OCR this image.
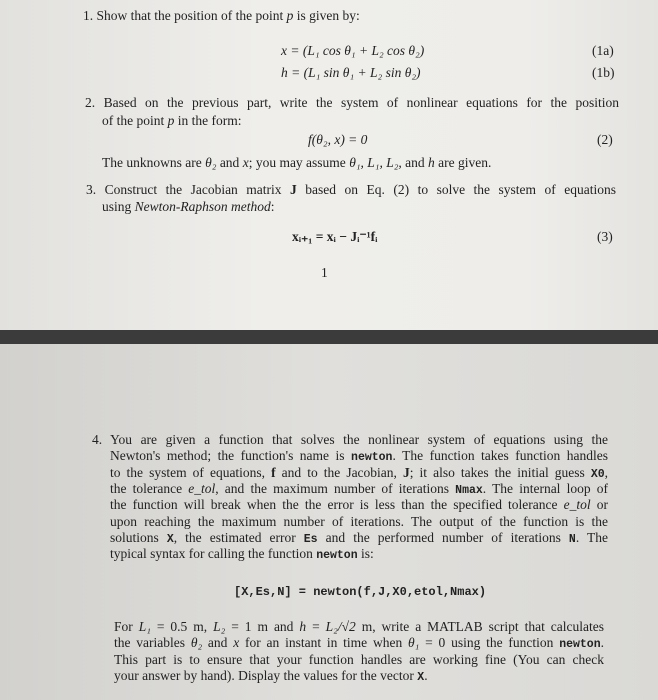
1. Show that the position of the point p is given by:
x = (L₁ cos θ₁ + L₂ cos θ₂)	(1a)
h = (L₁ sin θ₁ + L₂ sin θ₂)	(1b)
2. Based on the previous part, write the system of nonlinear equations for the position
of the point p in the form:
f(θ₂, x) = 0	(2)
The unknowns are θ₂ and x; you may assume θ₁, L₁, L₂, and h are given.
3. Construct the Jacobian matrix J based on Eq. (2) to solve the system of equations
using Newton-Raphson method:
xᵢ₊₁ = xᵢ − Jᵢ⁻¹fᵢ	(3)
1
4. You are given a function that solves the nonlinear system of equations using the
Newton's method; the function's name is newton. The function takes function handles
to the system of equations, f and to the Jacobian, J; it also takes the initial guess X0,
the tolerance e_tol, and the maximum number of iterations Nmax. The internal loop of
the function will break when the the error is less than the specified tolerance e_tol or
upon reaching the maximum number of iterations. The output of the function is the
solutions X, the estimated error Es and the performed number of iterations N. The
typical syntax for calling the function newton is:
[X,Es,N] = newton(f,J,X0,etol,Nmax)
For L₁ = 0.5 m, L₂ = 1 m and h = L₂/√2 m, write a MATLAB script that calculates
the variables θ₂ and x for an instant in time when θ₁ = 0 using the function newton.
This part is to ensure that your function handles are working fine (You can check
your answer by hand). Display the values for the vector X.
